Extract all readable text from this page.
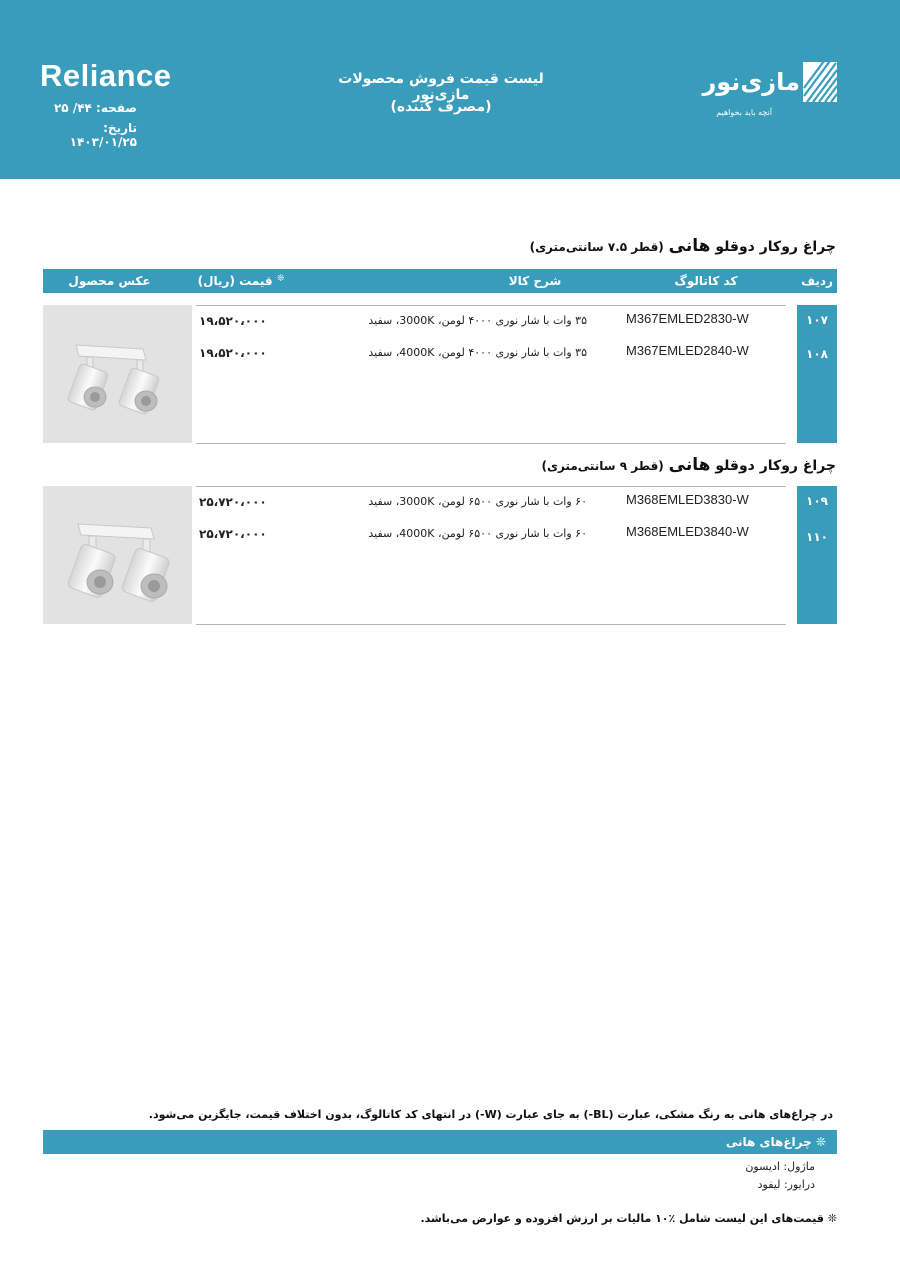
Reliance
صفحه: ۴۴/ ۲۵
تاریخ: ۱۴۰۳/۰۱/۲۵
لیست قیمت فروش محصولات مازی‌نور
(مصرف کننده)
مازی‌نور
آنچه باید بخواهیم
چراغ روکار دوقلو هانی (قطر ۷.۵ سانتی‌متری)
ردیف
کد کاتالوگ
شرح کالا
❊ قیمت (ریال)
عکس محصول
۱۰۷
M367EMLED2830-W
۳۵ وات با شار نوری ۴۰۰۰ لومن، 3000K، سفید
۱۹،۵۲۰،۰۰۰
۱۰۸
M367EMLED2840-W
۳۵ وات با شار نوری ۴۰۰۰ لومن، 4000K، سفید
۱۹،۵۲۰،۰۰۰
چراغ روکار دوقلو هانی (قطر ۹ سانتی‌متری)
۱۰۹
M368EMLED3830-W
۶۰ وات با شار نوری ۶۵۰۰ لومن، 3000K، سفید
۲۵،۷۲۰،۰۰۰
۱۱۰
M368EMLED3840-W
۶۰ وات با شار نوری ۶۵۰۰ لومن، 4000K، سفید
۲۵،۷۲۰،۰۰۰
در چراغ‌های هانی به رنگ مشکی، عبارت (BL-) به جای عبارت (W-) در انتهای کد کاتالوگ، بدون اختلاف قیمت، جایگزین می‌شود.
❊ چراغ‌های هانی
ماژول: ادیسون
درایور: لیفود
❊ قیمت‌های این لیست شامل ٪۱۰ مالیات بر ارزش افزوده و عوارض می‌باشد.
